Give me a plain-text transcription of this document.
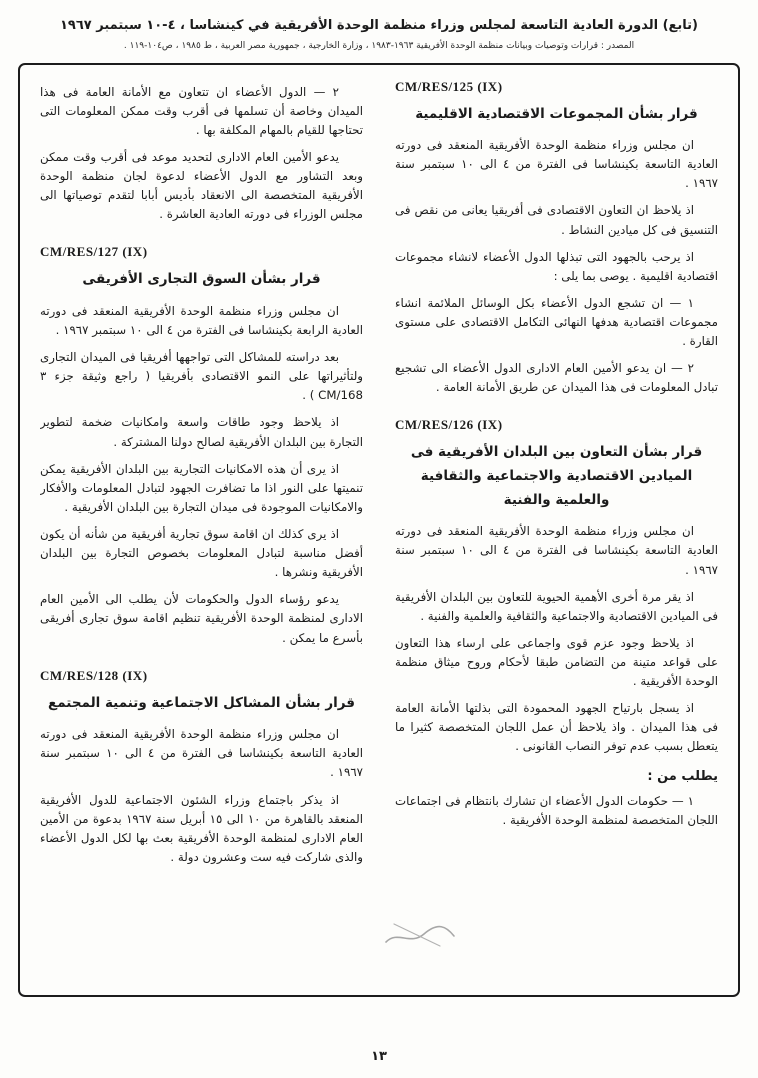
(تابع) الدورة العادية التاسعة لمجلس وزراء منظمة الوحدة الأفريقية في كينشاسا ، ٤-١٠ سبتمبر ١٩٦٧
المصدر : قرارات وتوصيات وبيانات منظمة الوحدة الأفريقية ١٩٦٣-١٩٨٣ ، وزارة الخارجية ، جمهورية مصر العربية ، ط ١٩٨٥ ، ص١٠٤-١١٩ .
CM/RES/125 (IX)
قرار بشأن المجموعات الاقتصادية الاقليمية
ان مجلس وزراء منظمة الوحدة الأفريقية المنعقد فى دورته العادية التاسعة بكينشاسا فى الفترة من ٤ الى ١٠ سبتمبر سنة ١٩٦٧ .
اذ يلاحظ ان التعاون الاقتصادى فى أفريقيا يعانى من نقص فى التنسيق فى كل ميادين النشاط .
اذ يرحب بالجهود التى تبذلها الدول الأعضاء لانشاء مجموعات اقتصادية اقليمية . يوصى بما يلى :
١ — ان تشجع الدول الأعضاء بكل الوسائل الملائمة انشاء مجموعات اقتصادية هدفها النهائى التكامل الاقتصادى على مستوى القارة .
٢ — ان يدعو الأمين العام الادارى الدول الأعضاء الى تشجيع تبادل المعلومات فى هذا الميدان عن طريق الأمانة العامة .
CM/RES/126 (IX)
قرار بشأن التعاون بين البلدان الأفريقية فى الميادين الاقتصادية والاجتماعية والثقافية والعلمية والفنية
ان مجلس وزراء منظمة الوحدة الأفريقية المنعقد فى دورته العادية التاسعة بكينشاسا فى الفترة من ٤ الى ١٠ سبتمبر سنة ١٩٦٧ .
اذ يقر مرة أخرى الأهمية الحيوية للتعاون بين البلدان الأفريقية فى الميادين الاقتصادية والاجتماعية والثقافية والعلمية والفنية .
اذ يلاحظ وجود عزم قوى واجماعى على ارساء هذا التعاون على قواعد متينة من التضامن طبقا لأحكام وروح ميثاق منظمة الوحدة الأفريقية .
اذ يسجل بارتياح الجهود المحمودة التى بذلتها الأمانة العامة فى هذا الميدان . واذ يلاحظ أن عمل اللجان المتخصصة كثيرا ما يتعطل بسبب عدم توفر النصاب القانونى .
يطلب من :
١ — حكومات الدول الأعضاء ان تشارك بانتظام فى اجتماعات اللجان المتخصصة لمنظمة الوحدة الأفريقية .
٢ — الدول الأعضاء ان تتعاون مع الأمانة العامة فى هذا الميدان وخاصة أن تسلمها فى أقرب وقت ممكن المعلومات التى تحتاجها للقيام بالمهام المكلفة بها .
يدعو الأمين العام الادارى لتحديد موعد فى أقرب وقت ممكن وبعد التشاور مع الدول الأعضاء لدعوة لجان منظمة الوحدة الأفريقية المتخصصة الى الانعقاد بأديس أبابا لتقدم توصياتها الى مجلس الوزراء فى دورته العادية العاشرة .
CM/RES/127 (IX)
قرار بشأن السوق التجارى الأفريقى
ان مجلس وزراء منظمة الوحدة الأفريقية المنعقد فى دورته العادية الرابعة بكينشاسا فى الفترة من ٤ الى ١٠ سبتمبر ١٩٦٧ .
بعد دراسته للمشاكل التى تواجهها أفريقيا فى الميدان التجارى ولتأثيراتها على النمو الاقتصادى بأفريقيا ( راجع وثيقة جزء ٣ CM/168 ) .
اذ يلاحظ وجود طاقات واسعة وامكانيات ضخمة لتطوير التجارة بين البلدان الأفريقية لصالح دولنا المشتركة .
اذ يرى أن هذه الامكانيات التجارية بين البلدان الأفريقية يمكن تنميتها على النور اذا ما تضافرت الجهود لتبادل المعلومات والأفكار والامكانيات الموجودة فى ميدان التجارة بين البلدان الأفريقية .
اذ يرى كذلك ان اقامة سوق تجارية أفريقية من شأنه أن يكون أفضل مناسبة لتبادل المعلومات بخصوص التجارة بين البلدان الأفريقية ونشرها .
يدعو رؤساء الدول والحكومات لأن يطلب الى الأمين العام الادارى لمنظمة الوحدة الأفريقية تنظيم اقامة سوق تجارى أفريقى بأسرع ما يمكن .
CM/RES/128 (IX)
قرار بشأن المشاكل الاجتماعية وتنمية المجتمع
ان مجلس وزراء منظمة الوحدة الأفريقية المنعقد فى دورته العادية التاسعة بكينشاسا فى الفترة من ٤ الى ١٠ سبتمبر سنة ١٩٦٧ .
اذ يذكر باجتماع وزراء الشئون الاجتماعية للدول الأفريقية المنعقد بالقاهرة من ١٠ الى ١٥ أبريل سنة ١٩٦٧ بدعوة من الأمين العام الادارى لمنظمة الوحدة الأفريقية بعث بها لكل الدول الأعضاء والذى شاركت فيه ست وعشرون دولة .
١٣
